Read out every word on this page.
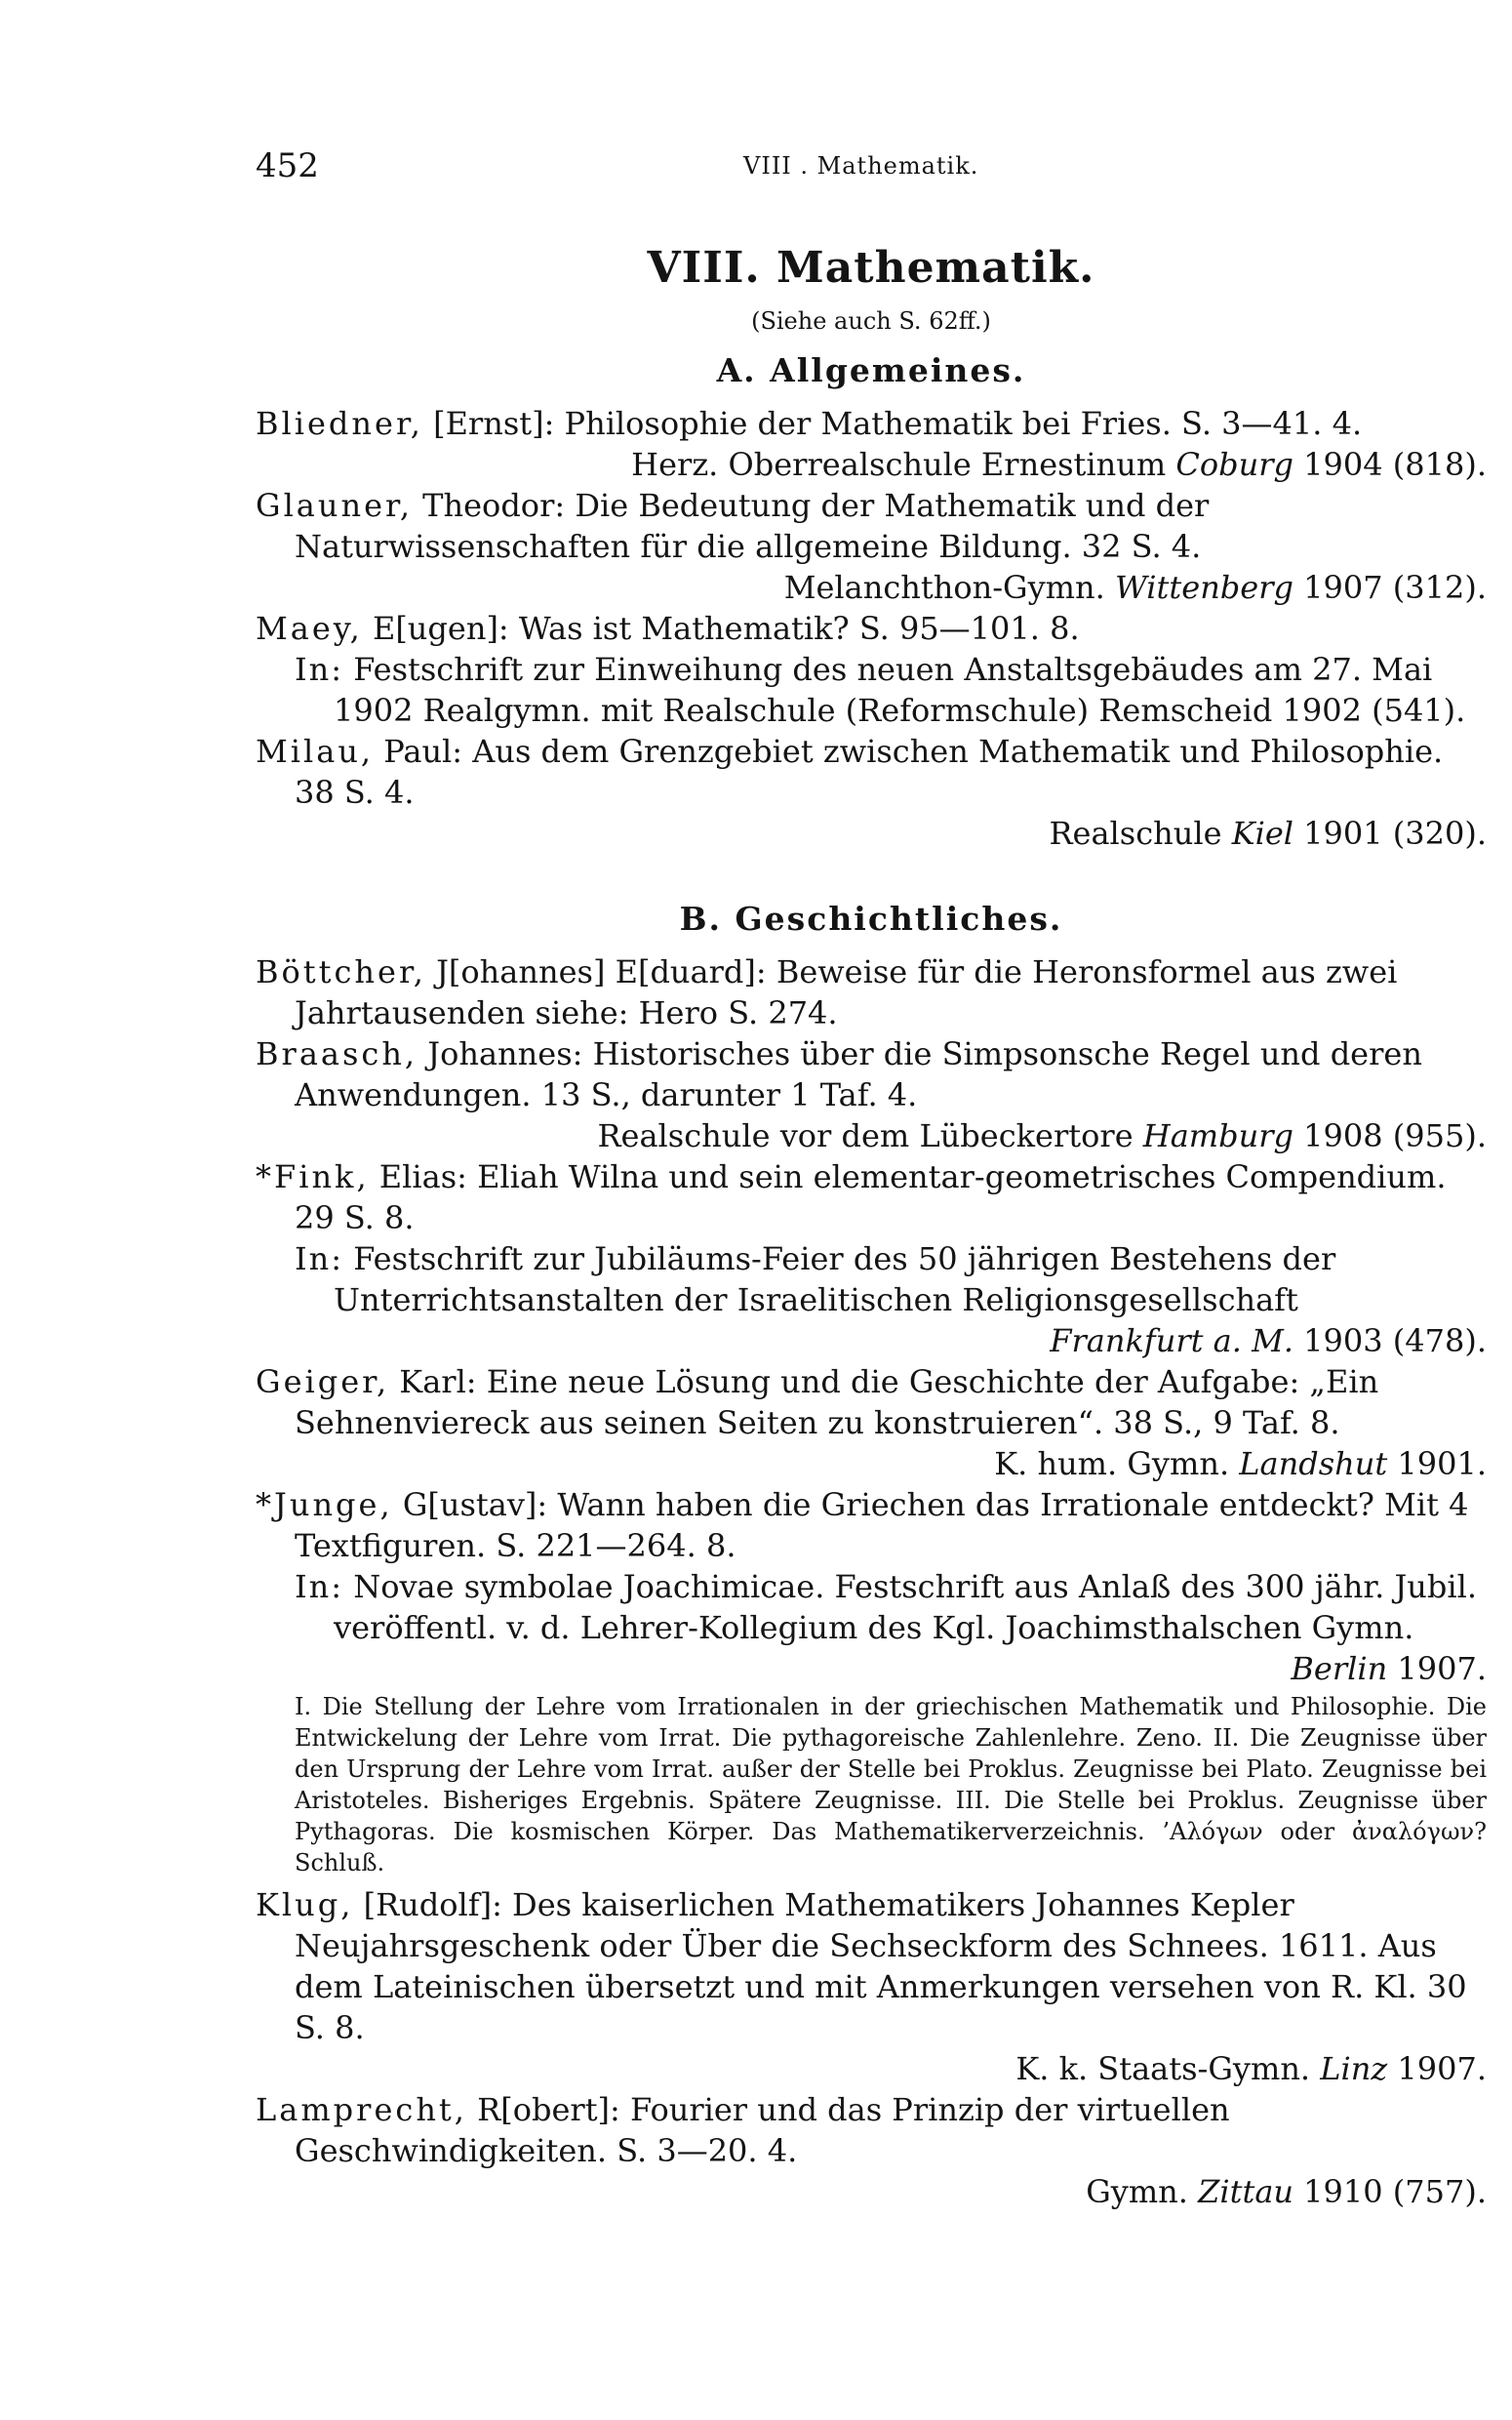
452	VIII . Mathematik.
VIII. Mathematik.
(Siehe auch S. 62ff.)
A. Allgemeines.

Bliedner, [Ernst]: Philosophie der Mathematik bei Fries. S. 3—41. 4.

Herz. Oberrealschule Ernestinum Coburg 1904 (818).

Glauner, Theodor: Die Bedeutung der Mathematik und der Naturwissenschaften für die allgemeine Bildung. 32 S. 4.

Melanchthon-Gymn. Wittenberg 1907 (312).

Maey, E[ugen]: Was ist Mathematik? S. 95—101. 8.

In: Festschrift zur Einweihung des neuen Anstaltsgebäudes am 27. Mai 1902 Realgymn. mit Realschule (Reformschule) Remscheid 1902 (541).

Milau, Paul: Aus dem Grenzgebiet zwischen Mathematik und Philosophie. 38 S. 4.

Realschule Kiel 1901 (320).

B. Geschichtliches.

Böttcher, J[ohannes] E[duard]: Beweise für die Heronsformel aus zwei Jahrtausenden siehe: Hero S. 274.

Braasch, Johannes: Historisches über die Simpsonsche Regel und deren Anwendungen. 13 S., darunter 1 Taf. 4.

Realschule vor dem Lübeckertore Hamburg 1908 (955).

*Fink, Elias: Eliah Wilna und sein elementar-geometrisches Compendium. 29 S. 8.

In: Festschrift zur Jubiläums-Feier des 50 jährigen Bestehens der Unterrichtsanstalten der Israelitischen Religionsgesellschaft

Frankfurt a. M. 1903 (478).

Geiger, Karl: Eine neue Lösung und die Geschichte der Aufgabe: „Ein Sehnenviereck aus seinen Seiten zu konstruieren“. 38 S., 9 Taf. 8.

K. hum. Gymn. Landshut 1901.

*Junge, G[ustav]: Wann haben die Griechen das Irrationale entdeckt? Mit 4 Textfiguren. S. 221—264. 8.

In: Novae symbolae Joachimicae. Festschrift aus Anlaß des 300 jähr. Jubil. veröffentl. v. d. Lehrer-Kollegium des Kgl. Joachimsthalschen Gymn.

Berlin 1907.

I. Die Stellung der Lehre vom Irrationalen in der griechischen Mathematik und Philosophie. Die Entwickelung der Lehre vom Irrat. Die pythagoreische Zahlenlehre. Zeno. II. Die Zeugnisse über den Ursprung der Lehre vom Irrat. außer der Stelle bei Proklus. Zeugnisse bei Plato. Zeugnisse bei Aristoteles. Bisheriges Ergebnis. Spätere Zeugnisse. III. Die Stelle bei Proklus. Zeugnisse über Pythagoras. Die kosmischen Körper. Das Mathematikerverzeichnis. ’Αλόγων oder ἀναλόγων? Schluß.

Klug, [Rudolf]: Des kaiserlichen Mathematikers Johannes Kepler Neujahrsgeschenk oder Über die Sechseckform des Schnees. 1611. Aus dem Lateinischen übersetzt und mit Anmerkungen versehen von R. Kl. 30 S. 8.

K. k. Staats-Gymn. Linz 1907.

Lamprecht, R[obert]: Fourier und das Prinzip der virtuellen Geschwindigkeiten. S. 3—20. 4.

Gymn. Zittau 1910 (757).
